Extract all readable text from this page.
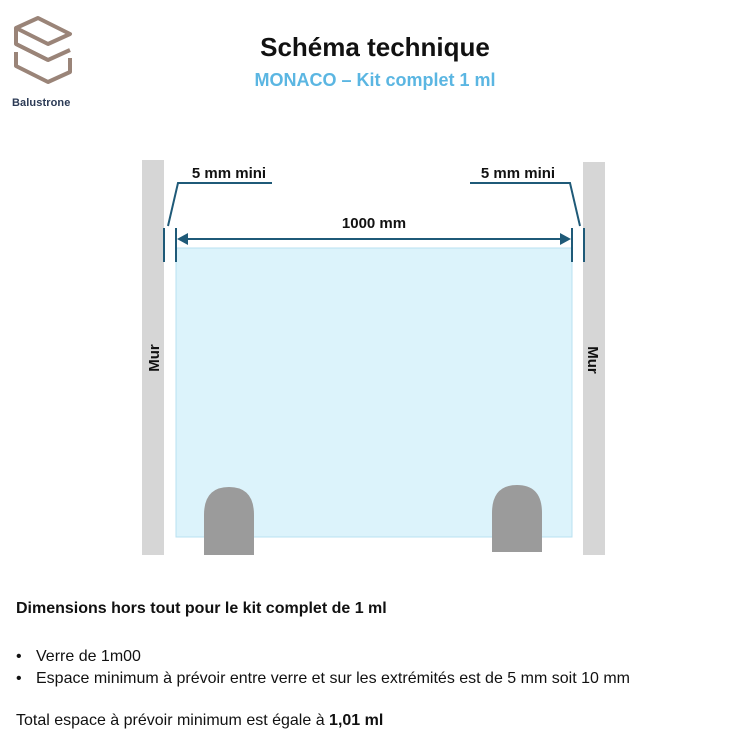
Balustrone
Schéma technique
MONACO – Kit complet 1 ml
Mur	Mur
5 mm mini	5 mm mini
1000 mm
Dimensions hors tout pour le kit complet de 1 ml
• Verre de 1m00
• Espace minimum à prévoir entre verre et sur les extrémités est de 5 mm soit 10 mm
Total espace à prévoir minimum est égale à 1,01 ml
